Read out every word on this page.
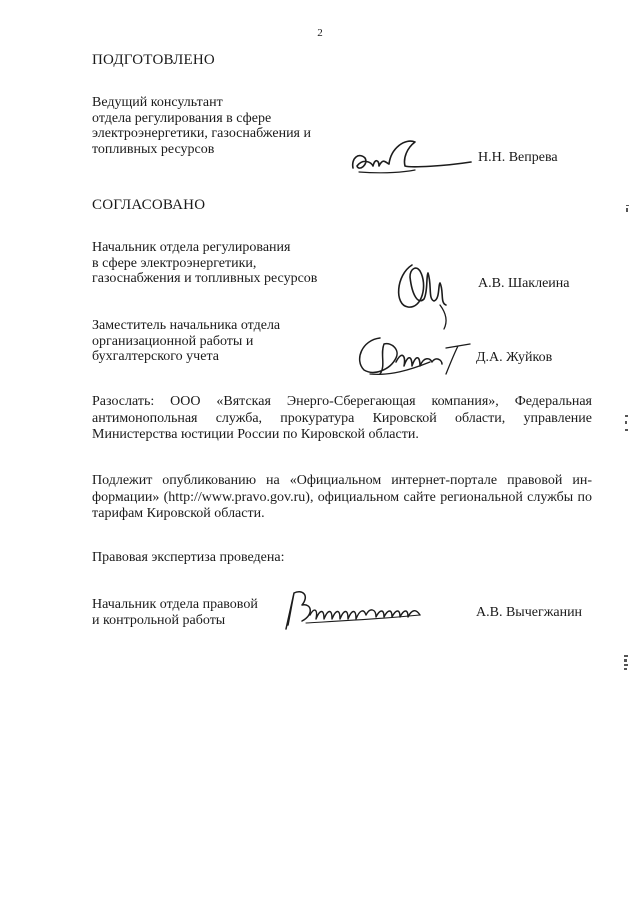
2
ПОДГОТОВЛЕНО
Ведущий консультант
отдела регулирования в сфере
электроэнергетики, газоснабжения и
топливных ресурсов
Н.Н. Вепрева
СОГЛАСОВАНО
Начальник отдела регулирования
в сфере электроэнергетики,
газоснабжения и топливных ресурсов	А.В. Шаклеина
Заместитель начальника отдела
организационной работы и
бухгалтерского учета	Д.А. Жуйков
Разослать: ООО «Вятская Энерго-Сберегающая компания», Федеральная антимонопольная служба, прокуратура Кировской области, управление Министерства юстиции России по Кировской области.
Подлежит опубликованию на «Официальном интернет-портале правовой ин-формации» (http://www.pravo.gov.ru), официальном сайте региональной службы по тарифам Кировской области.
Правовая экспертиза проведена:
Начальник отдела правовой
и контрольной работы
А.В. Вычегжанин
